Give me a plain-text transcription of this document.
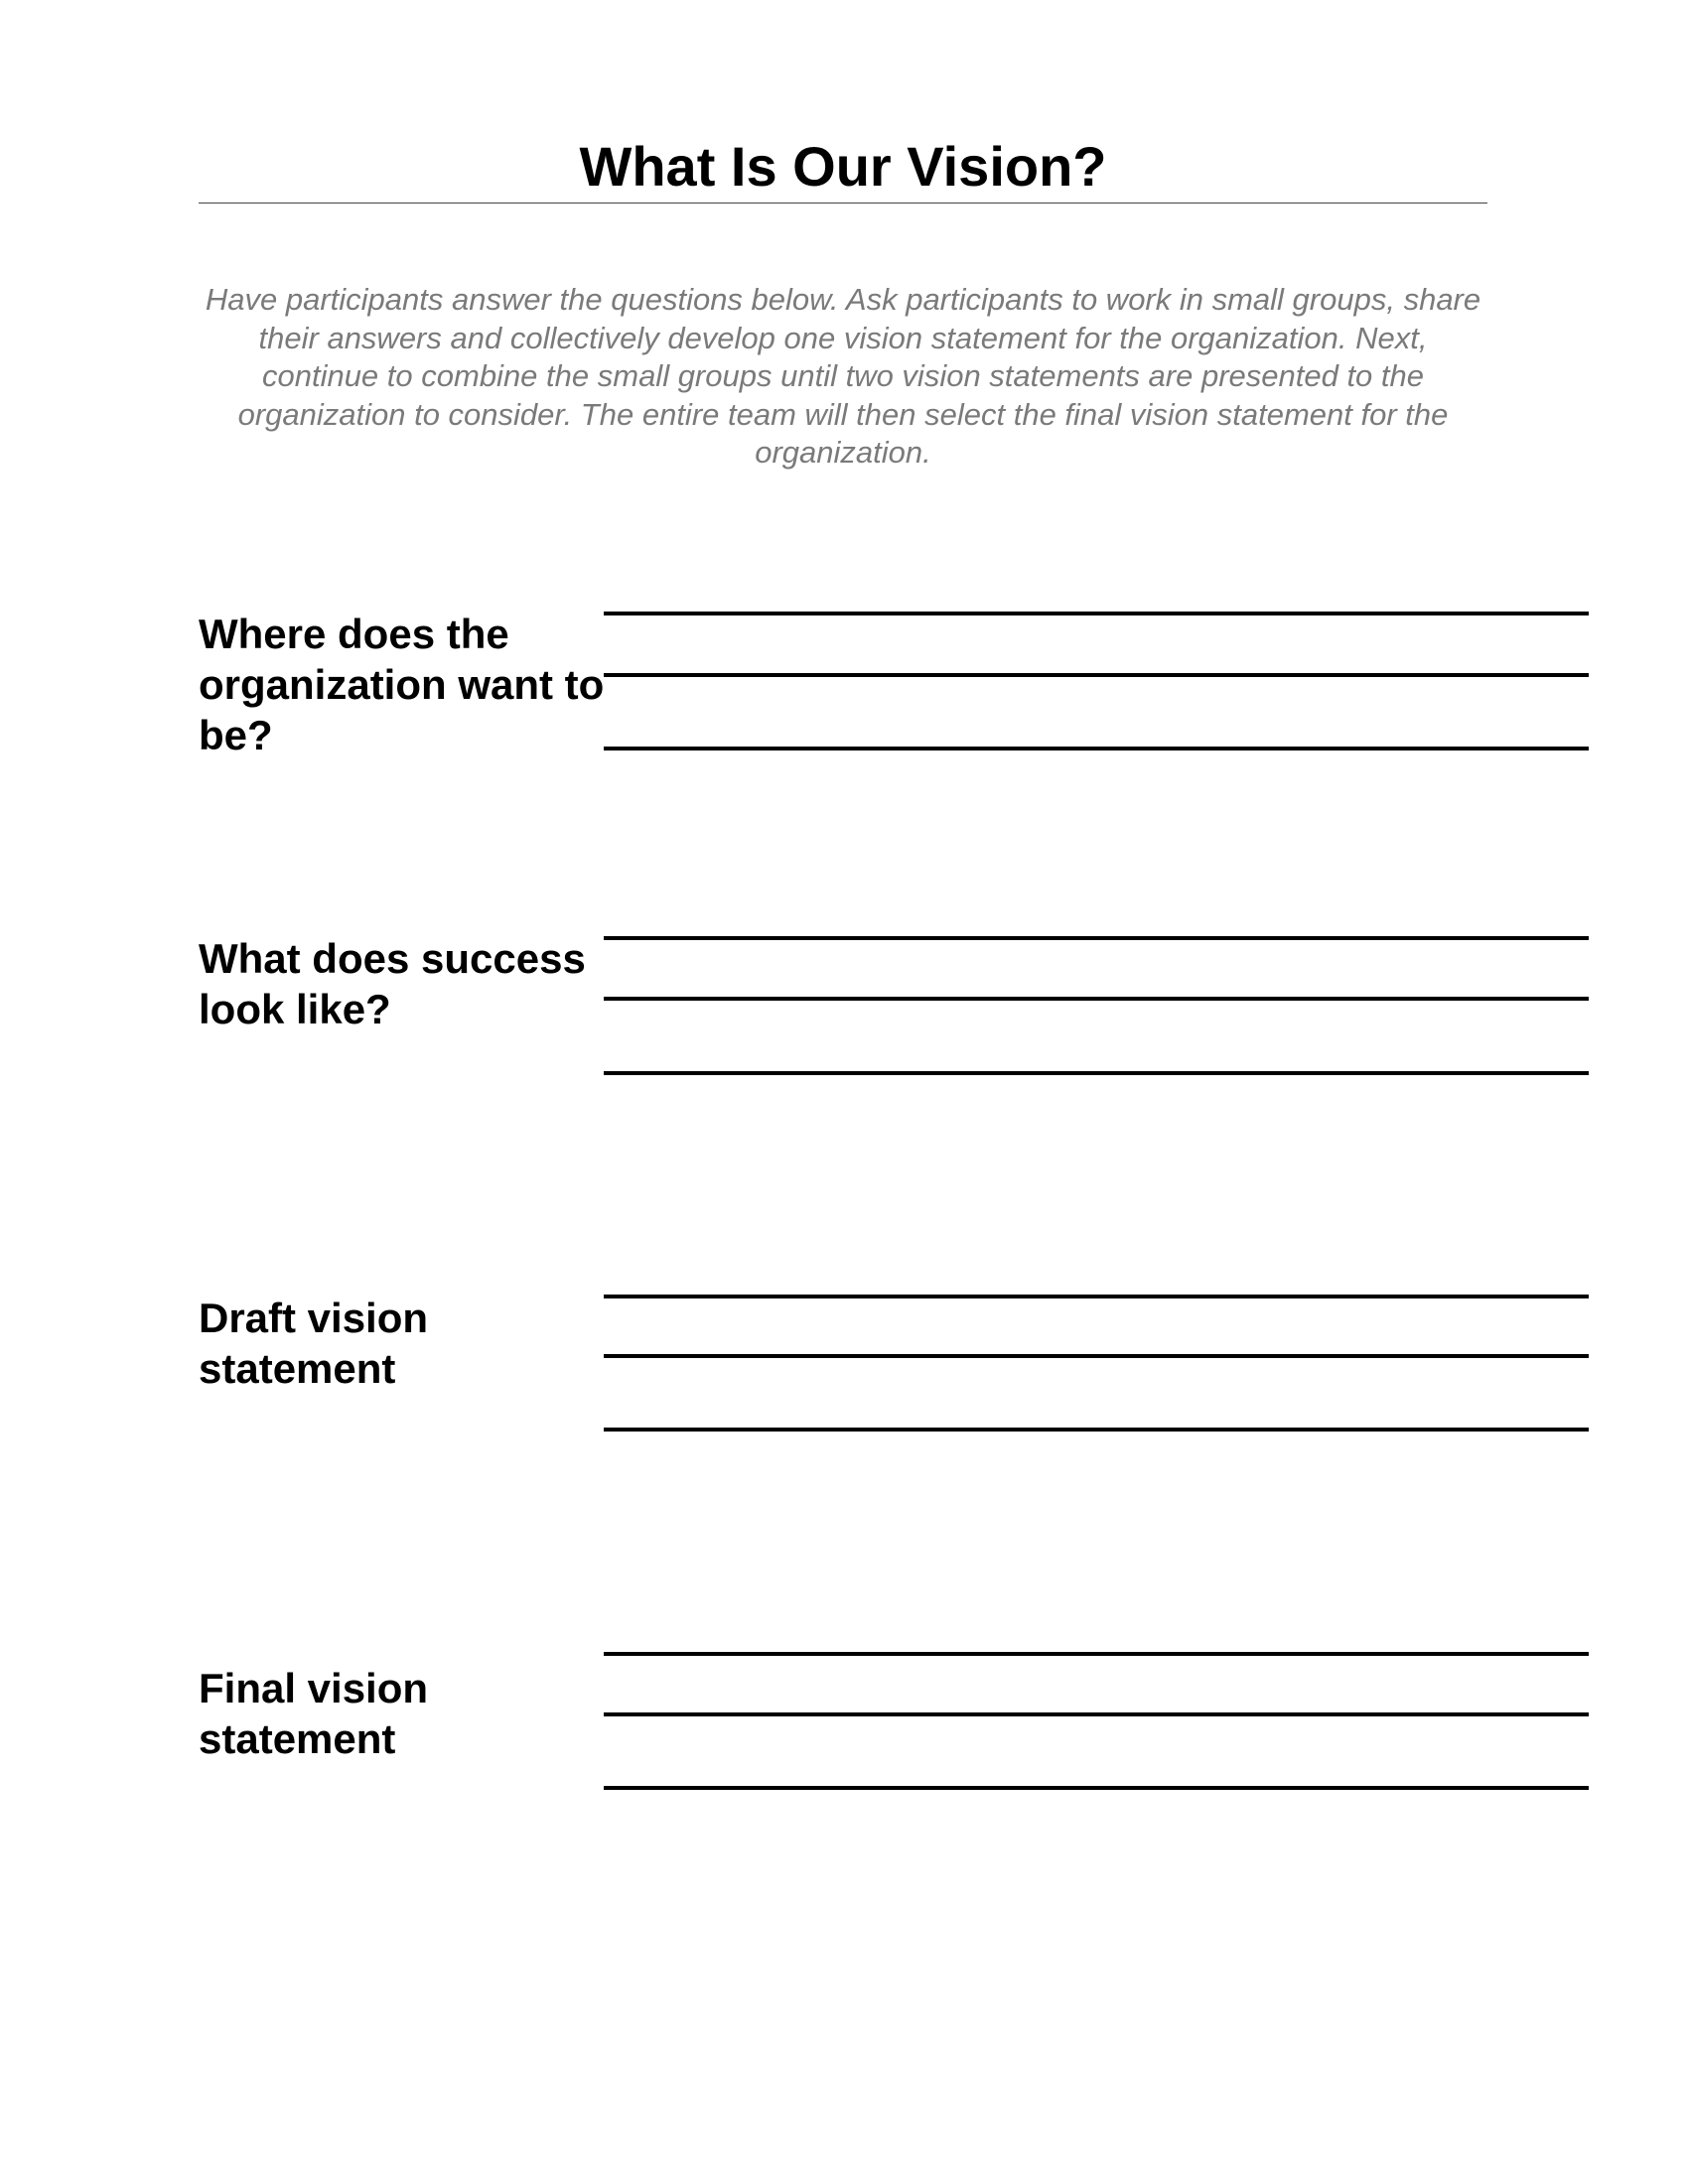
What Is Our Vision?

Have participants answer the questions below. Ask participants to work in small groups, share their answers and collectively develop one vision statement for the organization. Next, continue to combine the small groups until two vision statements are presented to the organization to consider. The entire team will then select the final vision statement for the organization.

Where does the organization want to be?

What does success look like?

Draft vision statement

Final vision statement
